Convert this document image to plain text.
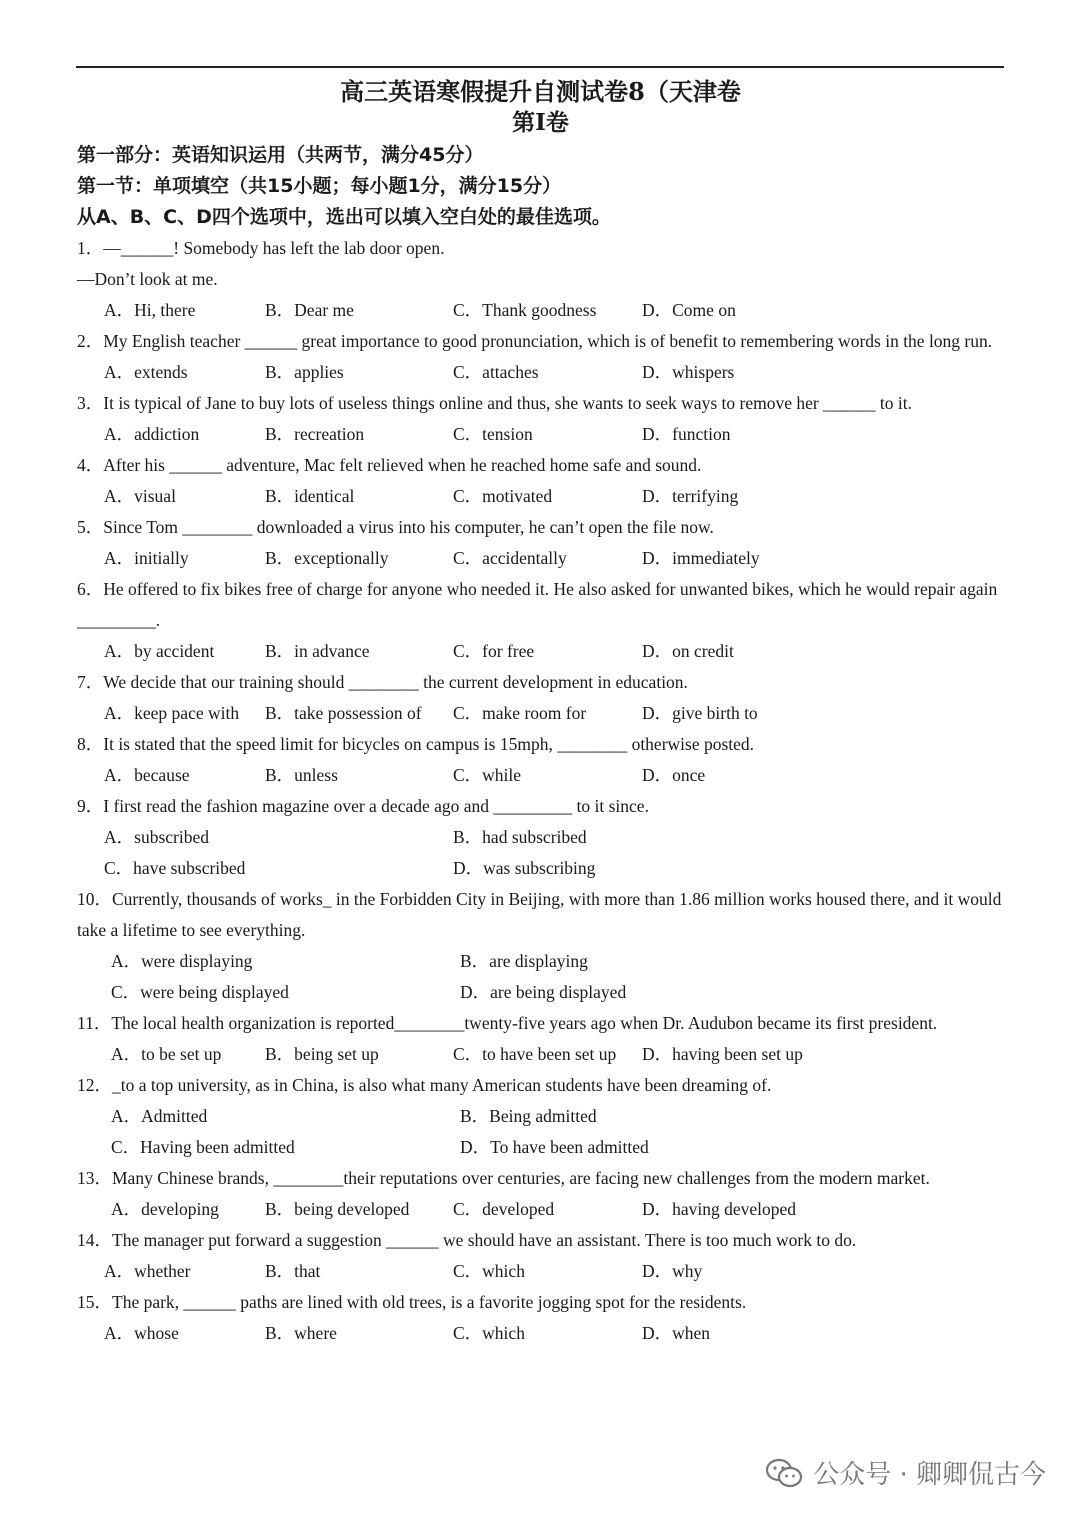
高三英语寒假提升自测试卷8（天津卷

第I卷

第一部分：英语知识运用（共两节，满分45分）

第一节：单项填空（共15小题；每小题1分，满分15分）

从A、B、C、D四个选项中，选出可以填入空白处的最佳选项。

1．—______! Somebody has left the lab door open.

—Don’t look at me.

A．Hi, there	B．Dear me	C．Thank goodness	D．Come on

2．My English teacher ______ great importance to good pronunciation, which is of benefit to remembering words in the long run.

A．extends	B．applies	C．attaches	D．whispers

3．It is typical of Jane to buy lots of useless things online and thus, she wants to seek ways to remove her ______ to it.

A．addiction	B．recreation	C．tension	D．function

4．After his ______ adventure, Mac felt relieved when he reached home safe and sound.

A．visual	B．identical	C．motivated	D．terrifying

5．Since Tom ________ downloaded a virus into his computer, he can’t open the file now.

A．initially	B．exceptionally	C．accidentally	D．immediately

6．He offered to fix bikes free of charge for anyone who needed it. He also asked for unwanted bikes, which he would repair again _________.

A．by accident	B．in advance	C．for free	D．on credit

7．We decide that our training should ________ the current development in education.

A．keep pace with	B．take possession of	C．make room for	D．give birth to

8．It is stated that the speed limit for bicycles on campus is 15mph, ________ otherwise posted.

A．because	B．unless	C．while	D．once

9．I first read the fashion magazine over a decade ago and _________ to it since.

A．subscribed	B．had subscribed
C．have subscribed	D．was subscribing

10．Currently, thousands of works_ in the Forbidden City in Beijing, with more than 1.86 million works housed there, and it would take a lifetime to see everything.

A．were displaying	B．are displaying
C．were being displayed	D．are being displayed

11．The local health organization is reported________twenty-five years ago when Dr. Audubon became its first president.

A．to be set up	B．being set up	C．to have been set up	D．having been set up

12．_to a top university, as in China, is also what many American students have been dreaming of.

A．Admitted	B．Being admitted
C．Having been admitted	D．To have been admitted

13．Many Chinese brands, ________their reputations over centuries, are facing new challenges from the modern market.

A．developing	B．being developed	C．developed	D．having developed

14．The manager put forward a suggestion ______ we should have an assistant. There is too much work to do.

A．whether	B．that	C．which	D．why

15．The park, ______ paths are lined with old trees, is a favorite jogging spot for the residents.

A．whose	B．where	C．which	D．when
公众号 · 卿卿侃古今
